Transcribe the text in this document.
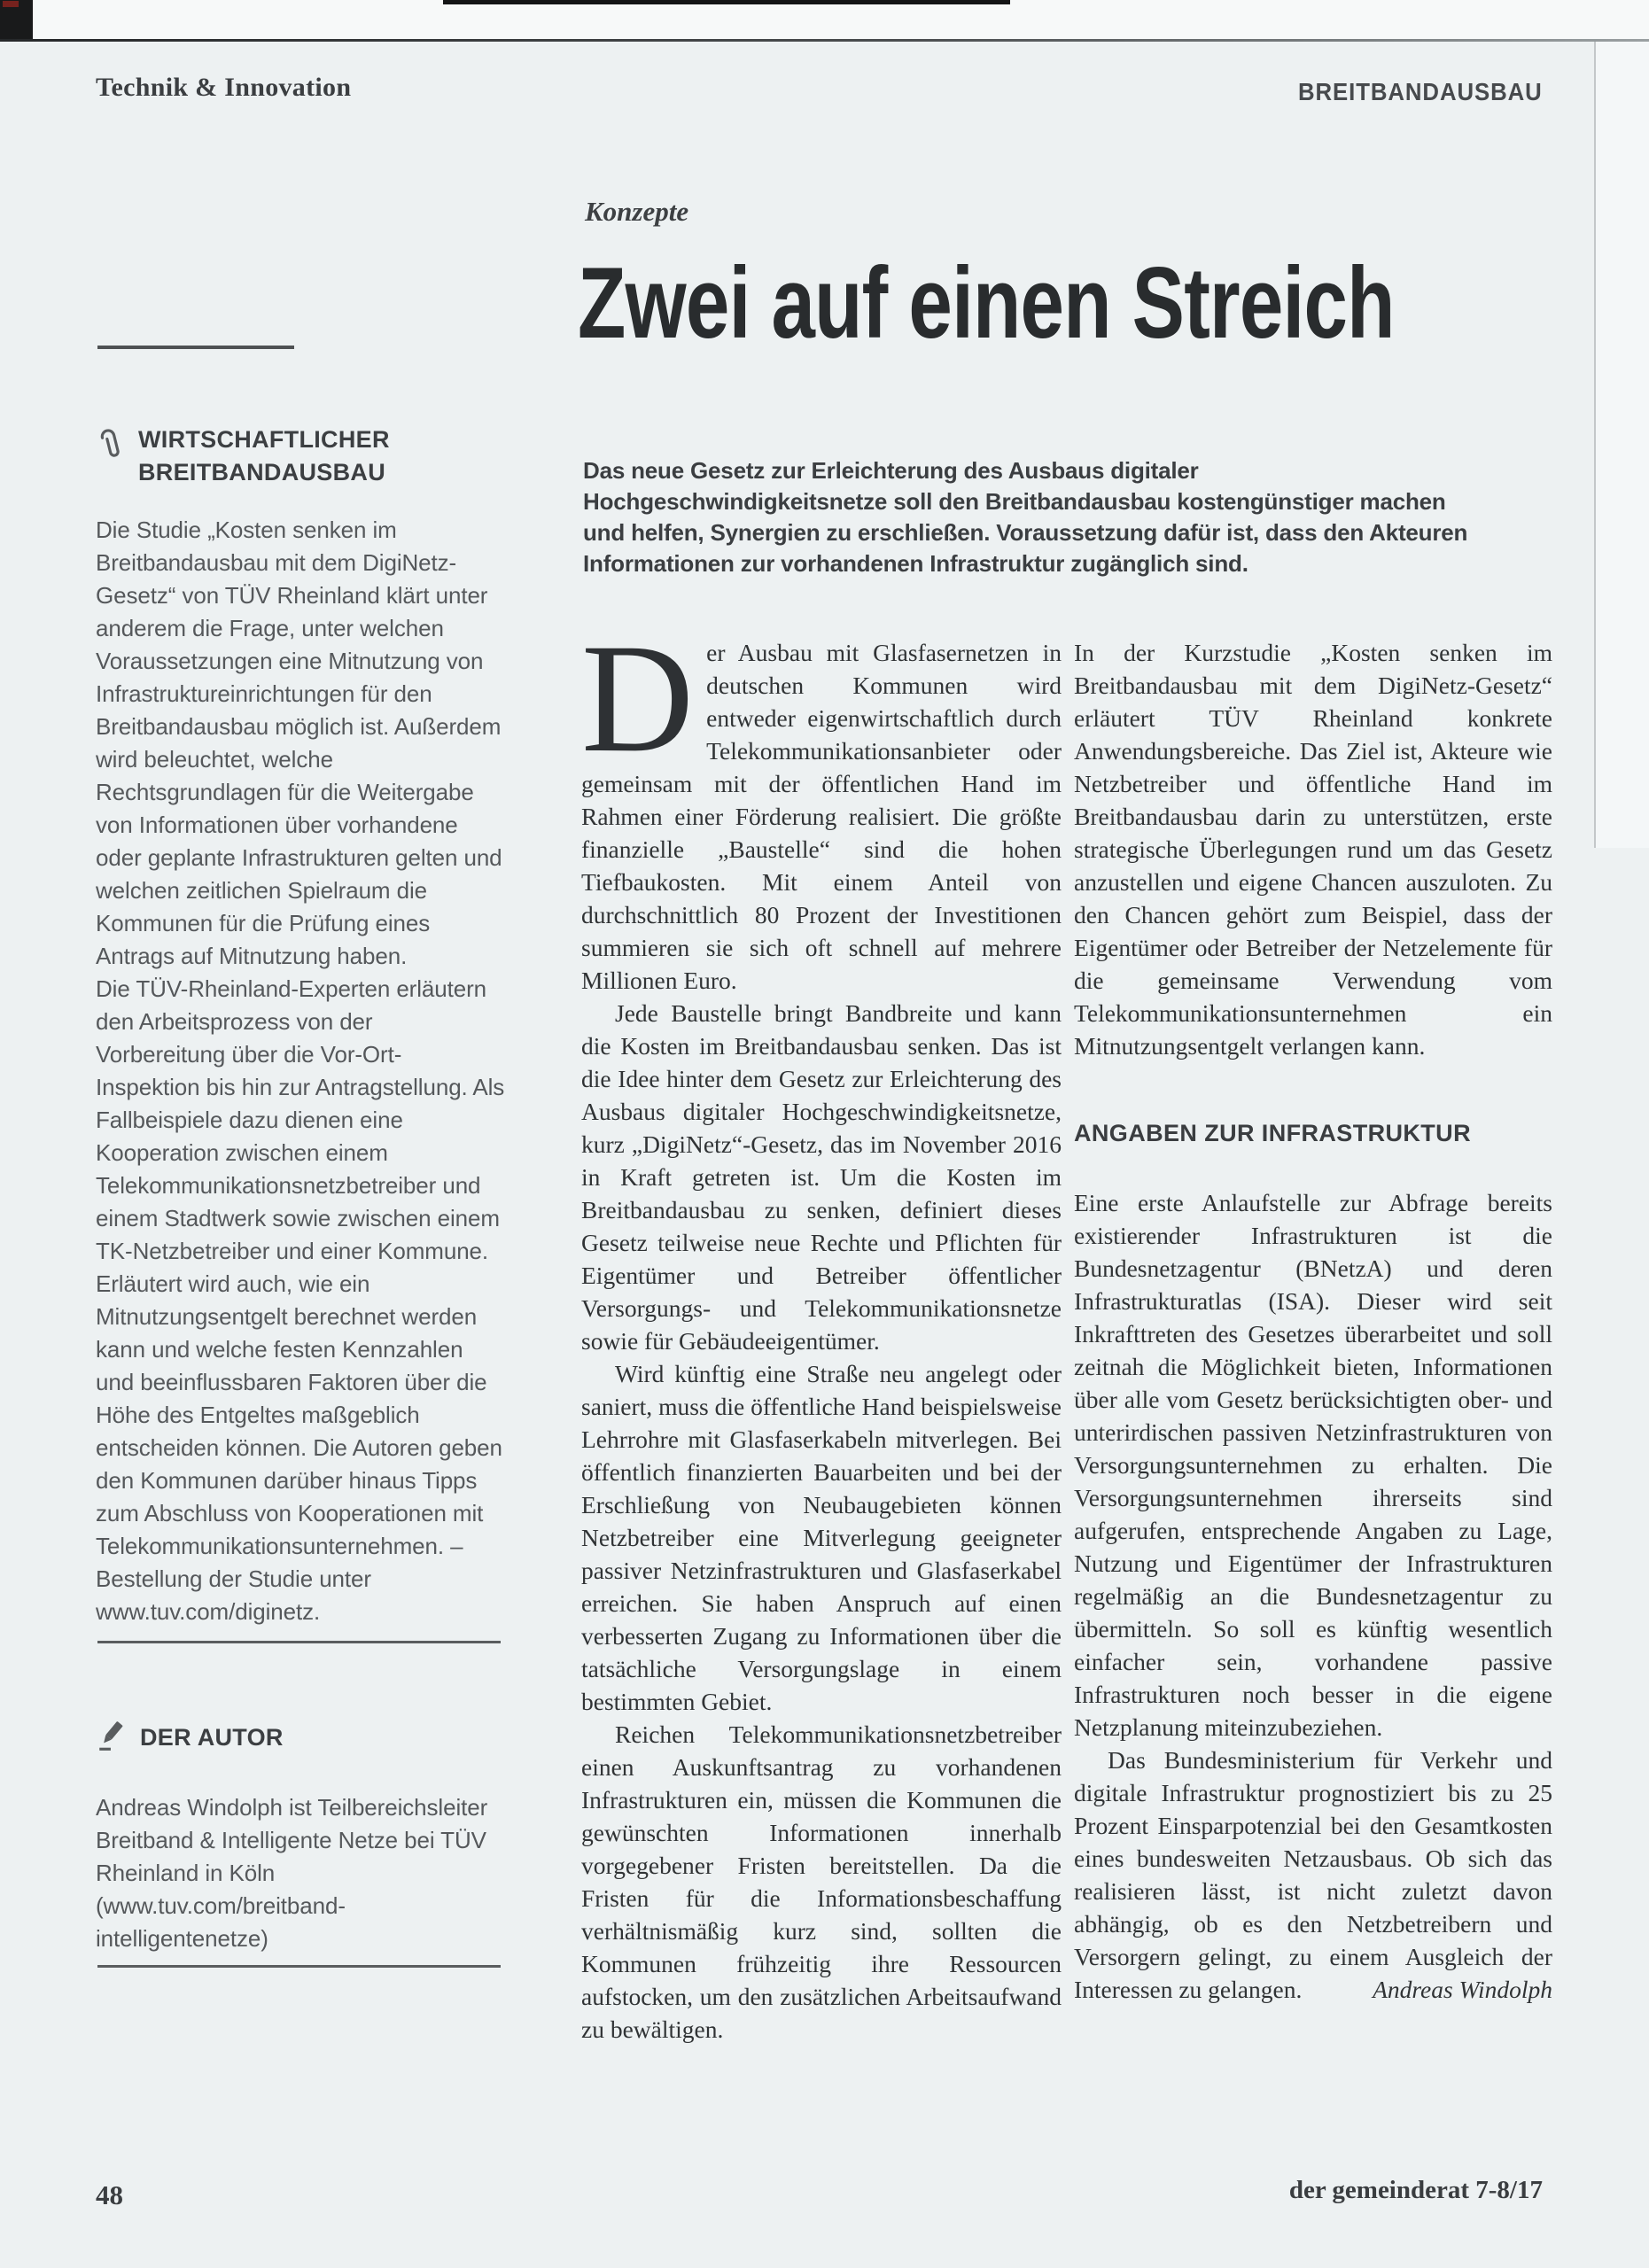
Technik & Innovation	BREITBANDAUSBAU
Konzepte
Zwei auf einen Streich
WIRTSCHAFTLICHER
BREITBANDAUSBAU

Die Studie „Kosten senken im Breitbandausbau mit dem DigiNetz-Gesetz“ von TÜV Rheinland klärt unter anderem die Frage, unter welchen Voraussetzungen eine Mitnutzung von Infrastruktureinrichtungen für den Breitbandausbau möglich ist. Außerdem wird beleuchtet, welche Rechtsgrundlagen für die Weitergabe von Informationen über vorhandene oder geplante Infrastrukturen gelten und welchen zeitlichen Spielraum die Kommunen für die Prüfung eines Antrags auf Mitnutzung haben.

Die TÜV-Rheinland-Experten erläutern den Arbeitsprozess von der Vorbereitung über die Vor-Ort-Inspektion bis hin zur Antragstellung. Als Fallbeispiele dazu dienen eine Kooperation zwischen einem Telekommunikationsnetzbetreiber und einem Stadtwerk sowie zwischen einem TK-Netzbetreiber und einer Kommune.

Erläutert wird auch, wie ein Mitnutzungsentgelt berechnet werden kann und welche festen Kennzahlen und beeinflussbaren Faktoren über die Höhe des Entgeltes maßgeblich entscheiden können. Die Autoren geben den Kommunen darüber hinaus Tipps zum Abschluss von Kooperationen mit Telekommunikationsunternehmen. – Bestellung der Studie unter www.tuv.com/diginetz.

DER AUTOR

Andreas Windolph ist Teilbereichsleiter Breitband & Intelligente Netze bei TÜV Rheinland in Köln (www.tuv.com/breitband-intelligentenetze)

Das neue Gesetz zur Erleichterung des Ausbaus digitaler Hochgeschwindigkeitsnetze soll den Breitbandausbau kostengünstiger machen und helfen, Synergien zu erschließen. Voraussetzung dafür ist, dass den Akteuren Informationen zur vorhandenen Infrastruktur zugänglich sind.

Der Ausbau mit Glasfasernetzen in deutschen Kommunen wird entweder eigenwirtschaftlich durch Telekommunikationsanbieter oder gemeinsam mit der öffentlichen Hand im Rahmen einer Förderung realisiert. Die größte finanzielle „Baustelle“ sind die hohen Tiefbaukosten. Mit einem Anteil von durchschnittlich 80 Prozent der Investitionen summieren sie sich oft schnell auf mehrere Millionen Euro.

Jede Baustelle bringt Bandbreite und kann die Kosten im Breitbandausbau senken. Das ist die Idee hinter dem Gesetz zur Erleichterung des Ausbaus digitaler Hochgeschwindigkeitsnetze, kurz „DigiNetz“-Gesetz, das im November 2016 in Kraft getreten ist. Um die Kosten im Breitbandausbau zu senken, definiert dieses Gesetz teilweise neue Rechte und Pflichten für Eigentümer und Betreiber öffentlicher Versorgungs- und Telekommunikationsnetze sowie für Gebäudeeigentümer.

Wird künftig eine Straße neu angelegt oder saniert, muss die öffentliche Hand beispielsweise Lehrrohre mit Glasfaserkabeln mitverlegen. Bei öffentlich finanzierten Bauarbeiten und bei der Erschließung von Neubaugebieten können Netzbetreiber eine Mitverlegung geeigneter passiver Netzinfrastrukturen und Glasfaserkabel erreichen. Sie haben Anspruch auf einen verbesserten Zugang zu Informationen über die tatsächliche Versorgungslage in einem bestimmten Gebiet.

Reichen Telekommunikationsnetzbetreiber einen Auskunftsantrag zu vorhandenen Infrastrukturen ein, müssen die Kommunen die gewünschten Informationen innerhalb vorgegebener Fristen bereitstellen. Da die Fristen für die Informationsbeschaffung verhältnismäßig kurz sind, sollten die Kommunen frühzeitig ihre Ressourcen aufstocken, um den zusätzlichen Arbeitsaufwand zu bewältigen.

In der Kurzstudie „Kosten senken im Breitbandausbau mit dem DigiNetz-Gesetz“ erläutert TÜV Rheinland konkrete Anwendungsbereiche. Das Ziel ist, Akteure wie Netzbetreiber und öffentliche Hand im Breitbandausbau darin zu unterstützen, erste strategische Überlegungen rund um das Gesetz anzustellen und eigene Chancen auszuloten. Zu den Chancen gehört zum Beispiel, dass der Eigentümer oder Betreiber der Netzelemente für die gemeinsame Verwendung vom Telekommunikationsunternehmen ein Mitnutzungsentgelt verlangen kann.

ANGABEN ZUR INFRASTRUKTUR

Eine erste Anlaufstelle zur Abfrage bereits existierender Infrastrukturen ist die Bundesnetzagentur (BNetzA) und deren Infrastrukturatlas (ISA). Dieser wird seit Inkrafttreten des Gesetzes überarbeitet und soll zeitnah die Möglichkeit bieten, Informationen über alle vom Gesetz berücksichtigten ober- und unterirdischen passiven Netzinfrastrukturen von Versorgungsunternehmen zu erhalten. Die Versorgungsunternehmen ihrerseits sind aufgerufen, entsprechende Angaben zu Lage, Nutzung und Eigentümer der Infrastrukturen regelmäßig an die Bundesnetzagentur zu übermitteln. So soll es künftig wesentlich einfacher sein, vorhandene passive Infrastrukturen noch besser in die eigene Netzplanung miteinzubeziehen.

Das Bundesministerium für Verkehr und digitale Infrastruktur prognostiziert bis zu 25 Prozent Einsparpotenzial bei den Gesamtkosten eines bundesweiten Netzausbaus. Ob sich das realisieren lässt, ist nicht zuletzt davon abhängig, ob es den Netzbetreibern und Versorgern gelingt, zu einem Ausgleich der Interessen zu gelangen.	Andreas Windolph

48	der gemeinderat 7-8/17
